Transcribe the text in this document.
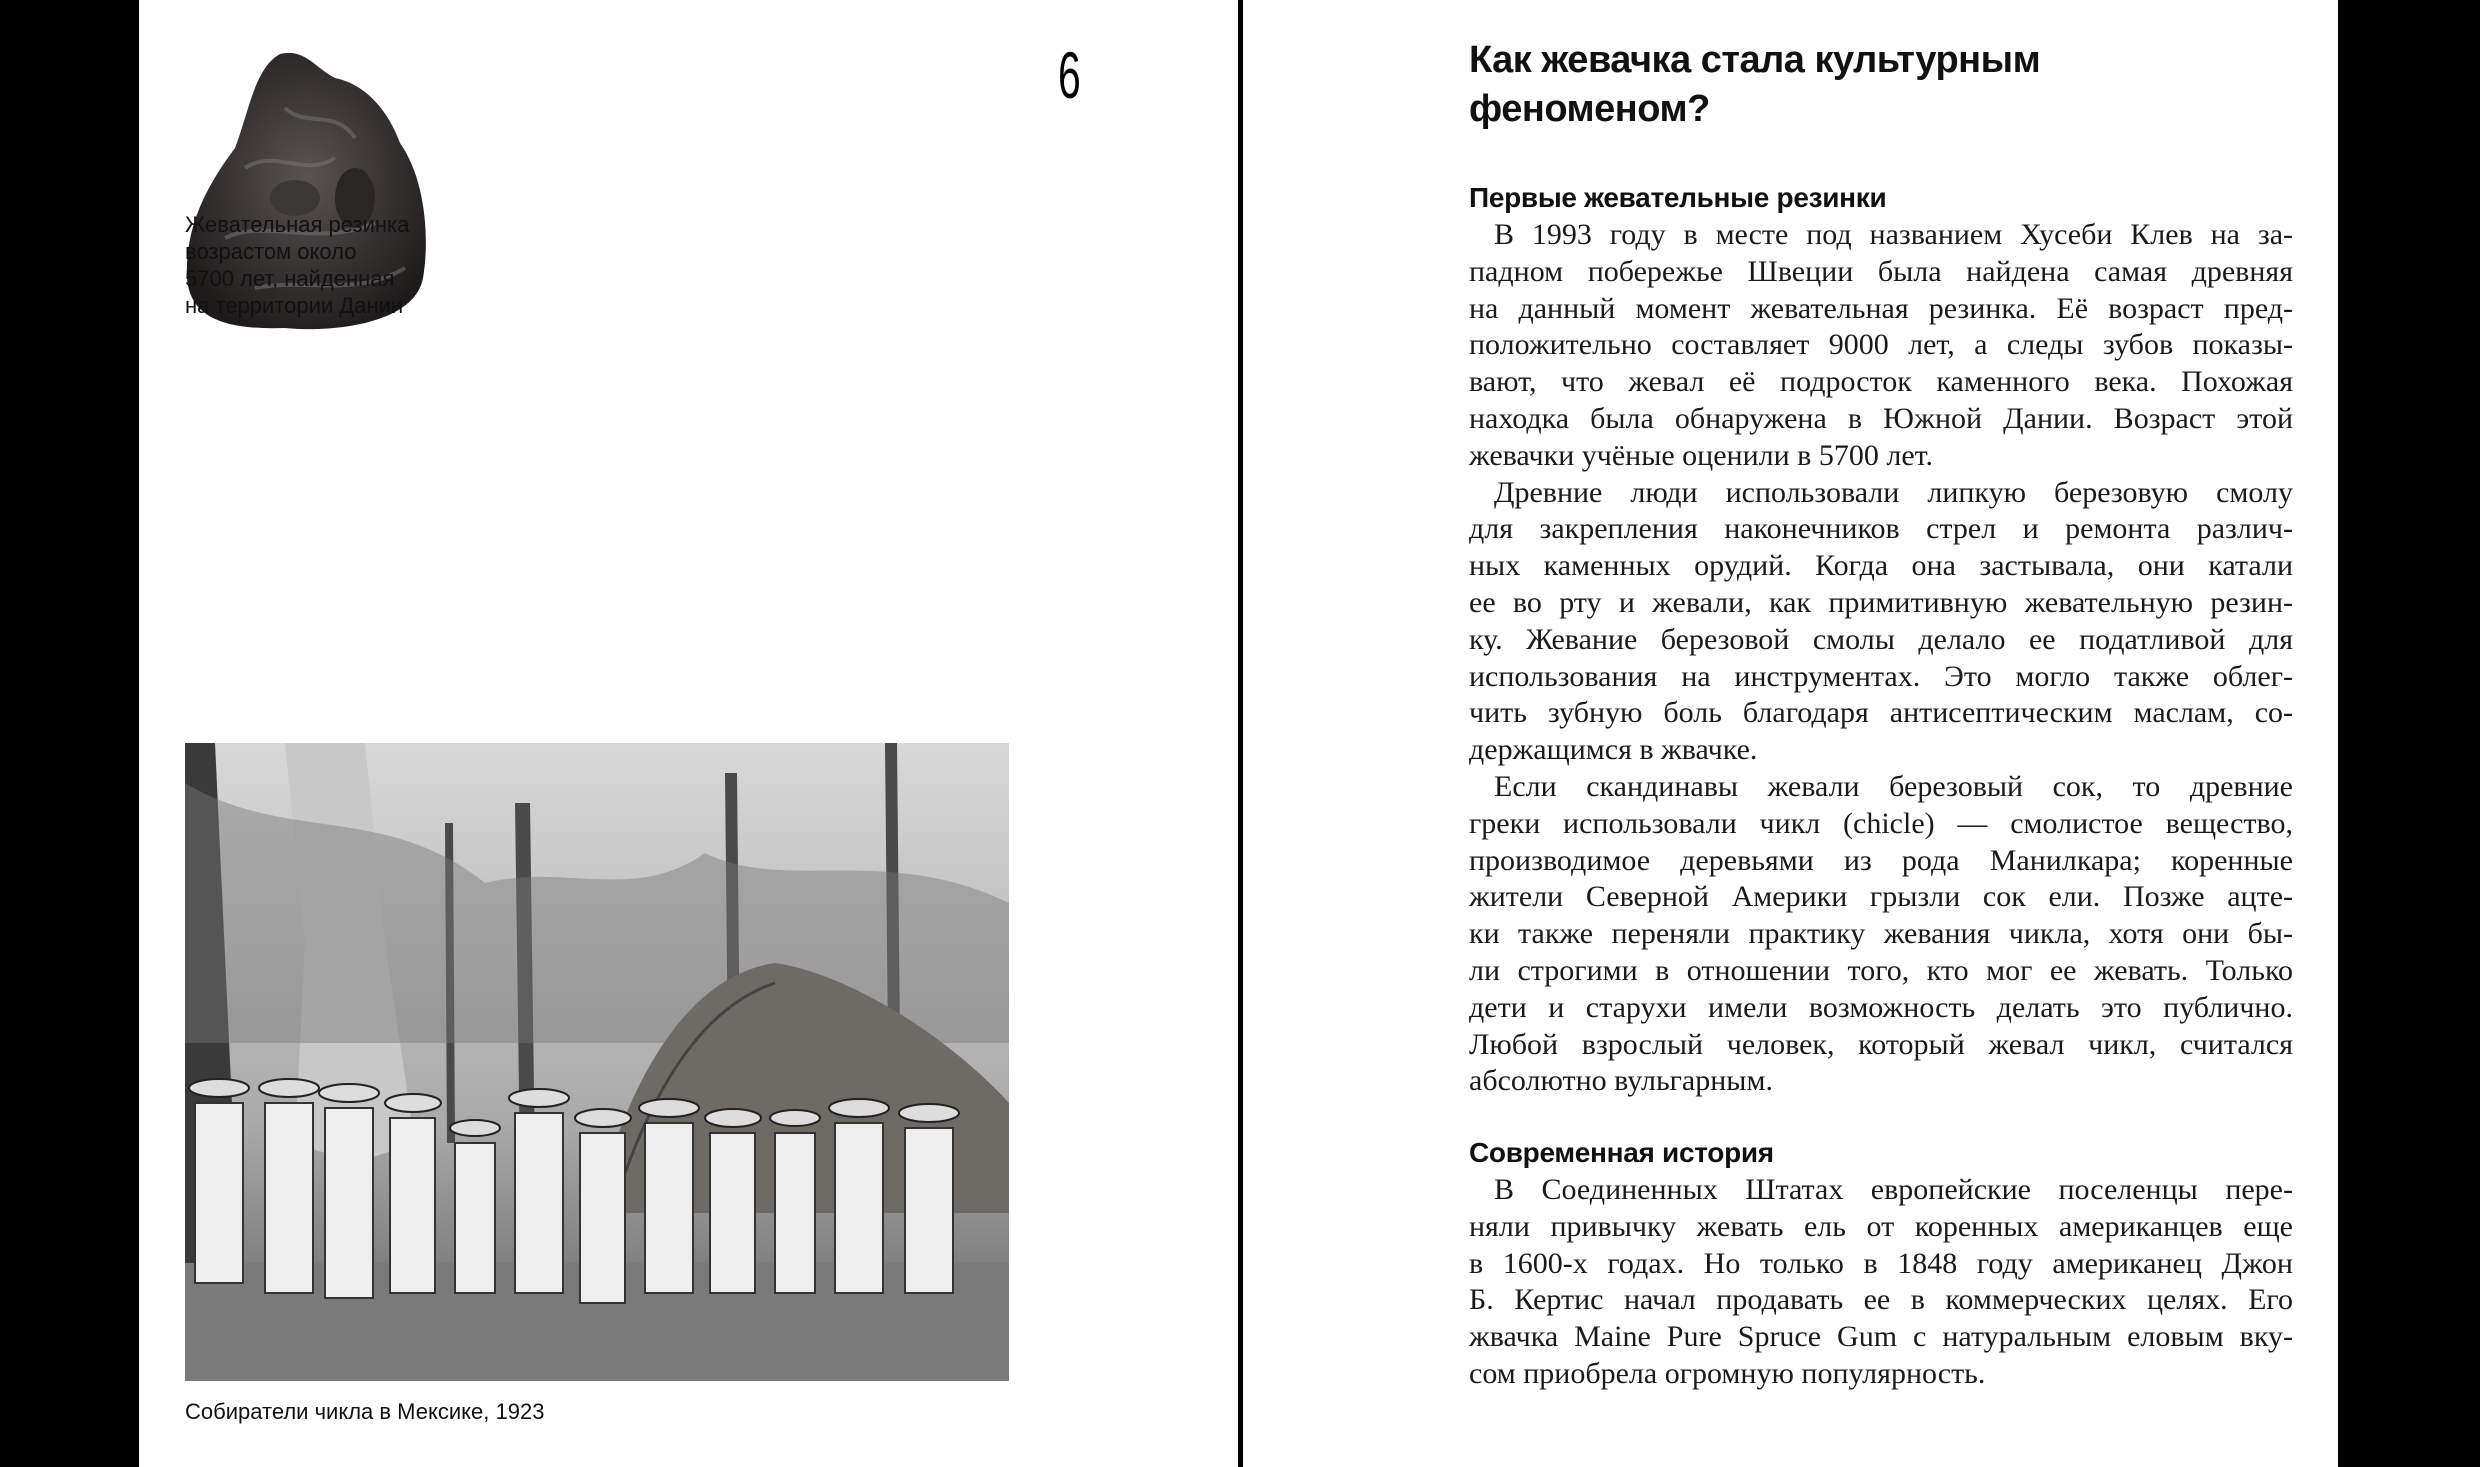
Жевательная резинка
возрастом около
5700 лет, найденная
на территории Дании
6
Собиратели чикла в Мексике, 1923
Как жевачка стала культурным
феноменом?
Первые жевательные резинки
В 1993 году в месте под названием Хусеби Клев на за-
падном побережье Швеции была найдена самая древняя
на данный момент жевательная резинка. Её возраст пред-
положительно составляет 9000 лет, а следы зубов показы-
вают, что жевал её подросток каменного века. Похожая
находка была обнаружена в Южной Дании. Возраст этой
жевачки учёные оценили в 5700 лет.
Древние люди использовали липкую березовую смолу
для закрепления наконечников стрел и ремонта различ-
ных каменных орудий. Когда она застывала, они катали
ее во рту и жевали, как примитивную жевательную резин-
ку. Жевание березовой смолы делало ее податливой для
использования на инструментах. Это могло также облег-
чить зубную боль благодаря антисептическим маслам, со-
держащимся в жвачке.
Если скандинавы жевали березовый сок, то древние
греки использовали чикл (chicle) — смолистое вещество,
производимое деревьями из рода Манилкара; коренные
жители Северной Америки грызли сок ели. Позже ацте-
ки также переняли практику жевания чикла, хотя они бы-
ли строгими в отношении того, кто мог ее жевать. Только
дети и старухи имели возможность делать это публично.
Любой взрослый человек, который жевал чикл, считался
абсолютно вульгарным.
Современная история
В Соединенных Штатах европейские поселенцы пере-
няли привычку жевать ель от коренных американцев еще
в 1600-х годах. Но только в 1848 году американец Джон
Б. Кертис начал продавать ее в коммерческих целях. Его
жвачка Maine Pure Spruce Gum с натуральным еловым вку-
сом приобрела огромную популярность.
